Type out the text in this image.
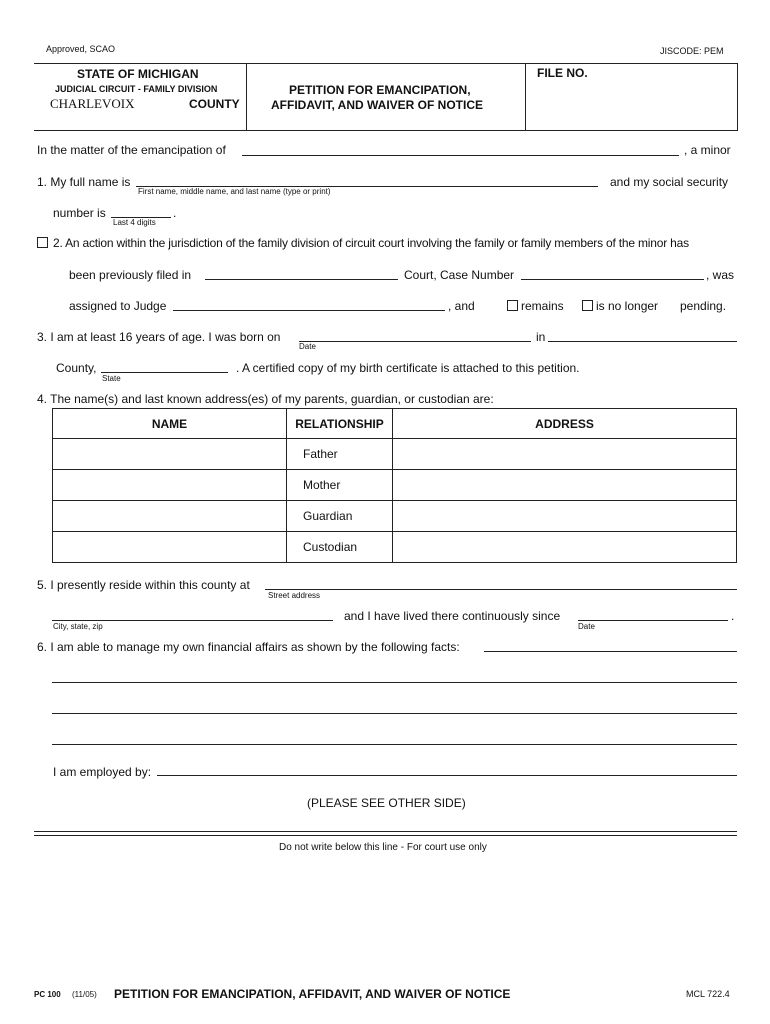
Approved, SCAO	JISCODE: PEM
STATE OF MICHIGAN
JUDICIAL CIRCUIT - FAMILY DIVISION
CHARLEVOIX	COUNTY
PETITION FOR EMANCIPATION,
AFFIDAVIT, AND WAIVER OF NOTICE
FILE NO.
In the matter of the emancipation of	, a minor
1. My full name is
First name, middle name, and last name (type or print)
and my social security
number is	.
Last 4 digits
2. An action within the jurisdiction of the family division of circuit court involving the family or family members of the minor has
been previously filed in	Court, Case Number	, was
assigned to Judge	, and	remains	is no longer pending.
3. I am at least 16 years of age. I was born on
Date
in
County,
State
. A certified copy of my birth certificate is attached to this petition.
4. The name(s) and last known address(es) of my parents, guardian, or custodian are:
NAME	RELATIONSHIP	ADDRESS
	Father	
	Mother	
	Guardian	
	Custodian	
5. I presently reside within this county at
Street address
City, state, zip
and I have lived there continuously since
Date
.
6. I am able to manage my own financial affairs as shown by the following facts:
I am employed by:
(PLEASE SEE OTHER SIDE)
Do not write below this line - For court use only
PC 100 (11/05) PETITION FOR EMANCIPATION, AFFIDAVIT, AND WAIVER OF NOTICE	MCL 722.4
